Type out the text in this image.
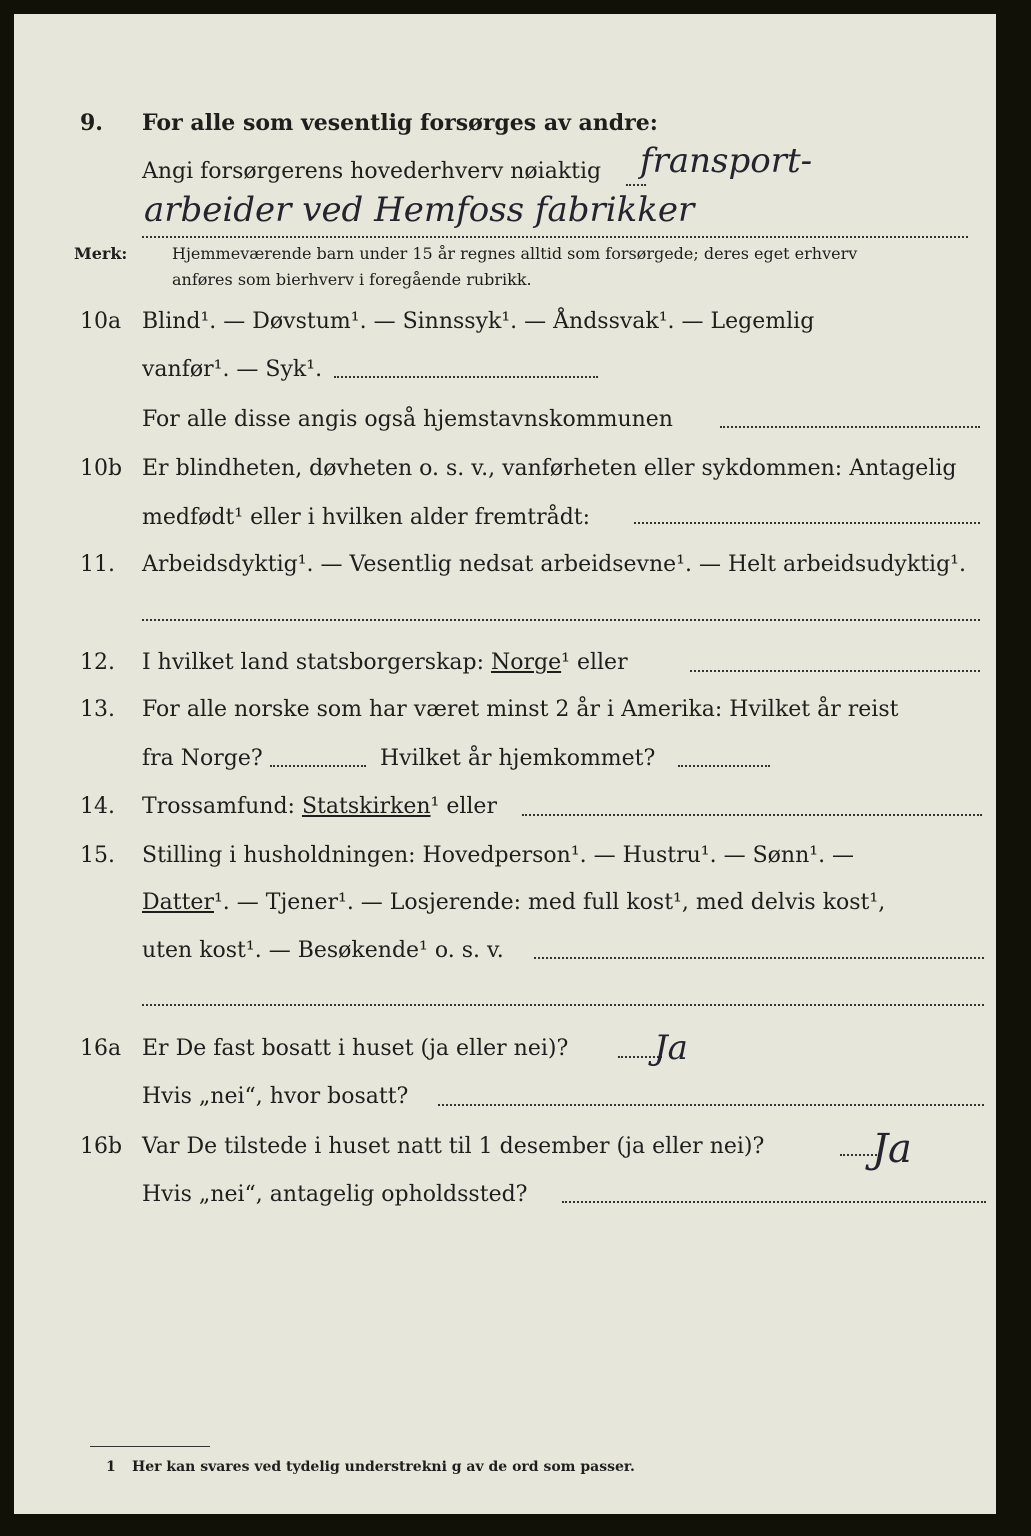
9. For alle som vesentlig forsørges av andre:
Angi forsørgerens hovederhverv nøiaktig fransport-
arbeider ved Hemfoss fabrikker
Merk:	Hjemmeværende barn under 15 år regnes alltid som forsørgede; deres eget erhverv
anføres som bierhverv i foregående rubrikk.
10a Blind¹. — Døvstum¹. — Sinnssyk¹. — Åndssvak¹. — Legemlig
vanfør¹. — Syk¹.
For alle disse angis også hjemstavnskommunen
10b Er blindheten, døvheten o. s. v., vanførheten eller sykdommen: Antagelig
medfødt¹ eller i hvilken alder fremtrådt:
11. Arbeidsdyktig¹. — Vesentlig nedsat arbeidsevne¹. — Helt arbeidsudyktig¹.
12. I hvilket land statsborgerskap: Norge¹ eller
13. For alle norske som har været minst 2 år i Amerika: Hvilket år reist
fra Norge?	Hvilket år hjemkommet?
14. Trossamfund: Statskirken¹ eller
15. Stilling i husholdningen: Hovedperson¹. — Hustru¹. — Sønn¹. —
Datter¹. — Tjener¹. — Losjerende: med full kost¹, med delvis kost¹,
uten kost¹. — Besøkende¹ o. s. v.
16a Er De fast bosatt i huset (ja eller nei)?	Ja
Hvis „nei“, hvor bosatt?
16b Var De tilstede i huset natt til 1 desember (ja eller nei)?	Ja
Hvis „nei“, antagelig opholdssted?
1 Her kan svares ved tydelig understrekni g av de ord som passer.
